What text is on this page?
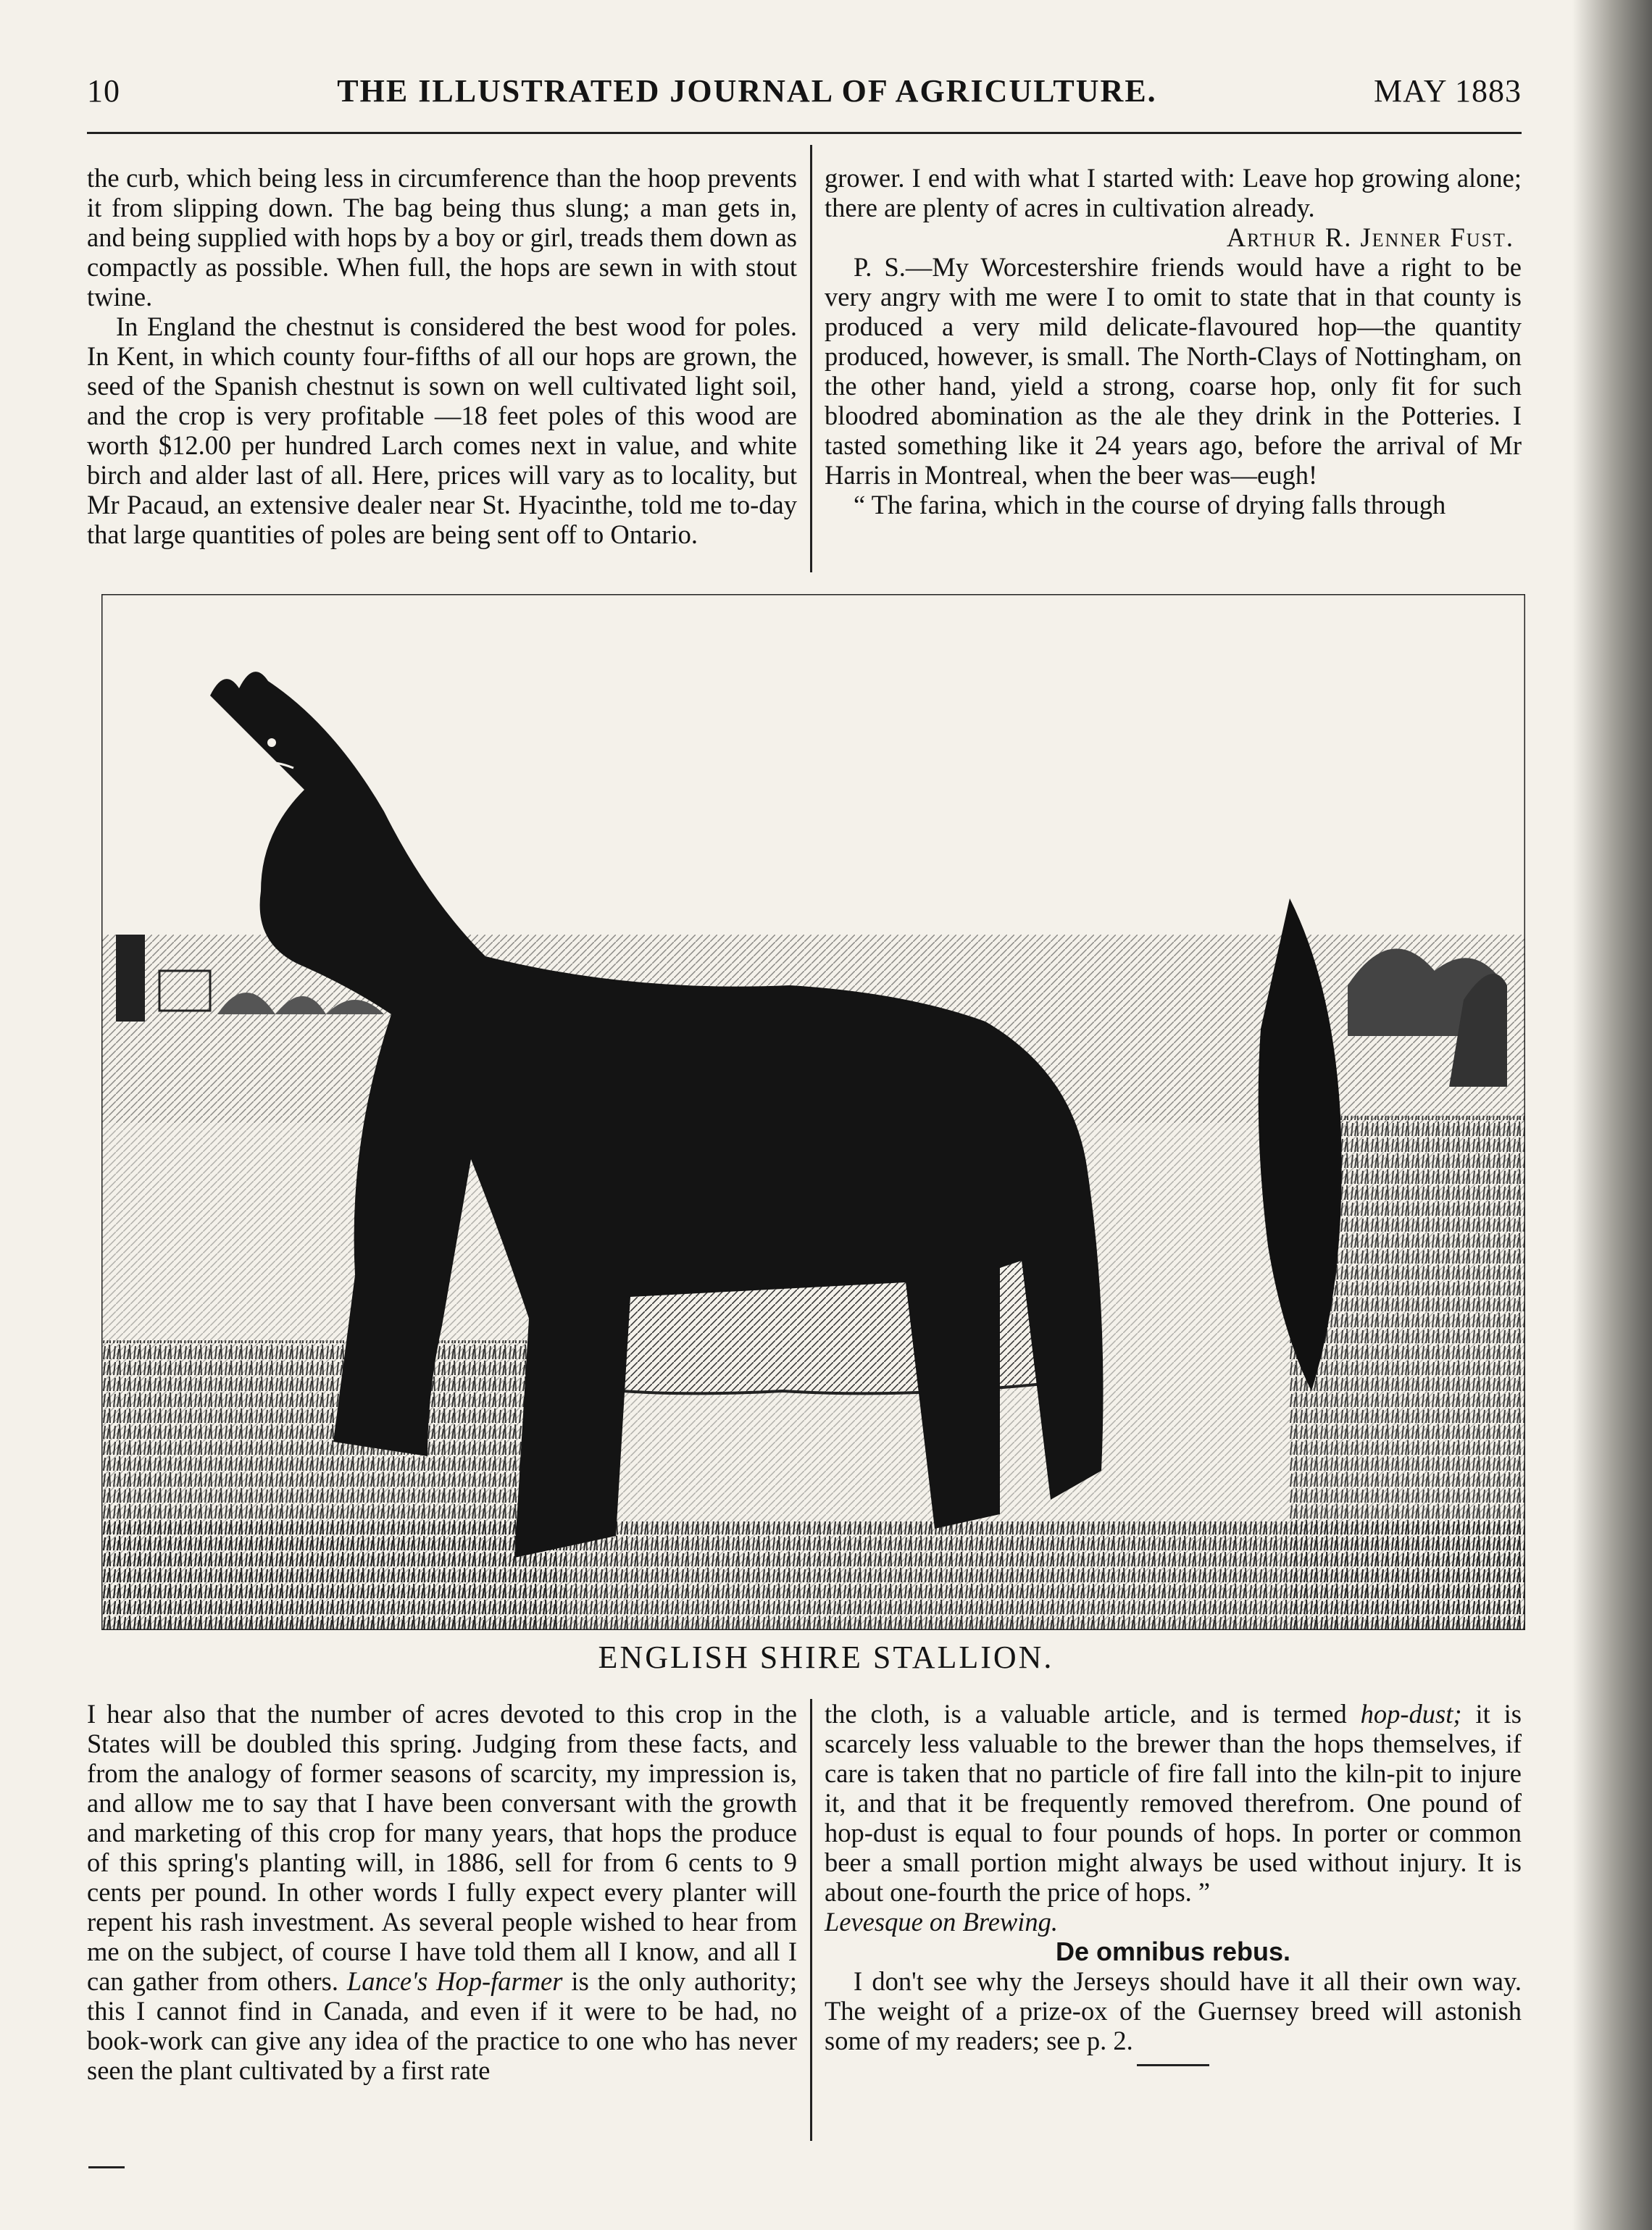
10	THE ILLUSTRATED JOURNAL OF AGRICULTURE.	MAY 1883

the curb, which being less in circumference than the hoop prevents it from slipping down. The bag being thus slung; a man gets in, and being supplied with hops by a boy or girl, treads them down as compactly as possible. When full, the hops are sewn in with stout twine.

In England the chestnut is considered the best wood for poles. In Kent, in which county four-fifths of all our hops are grown, the seed of the Spanish chestnut is sown on well cultivated light soil, and the crop is very profitable —18 feet poles of this wood are worth $12.00 per hundred Larch comes next in value, and white birch and alder last of all. Here, prices will vary as to locality, but Mr Pacaud, an extensive dealer near St. Hyacinthe, told me to-day that large quantities of poles are being sent off to Ontario.

grower. I end with what I started with: Leave hop growing alone; there are plenty of acres in cultivation already.

Arthur R. Jenner Fust.

P. S.—My Worcestershire friends would have a right to be very angry with me were I to omit to state that in that county is produced a very mild delicate-flavoured hop—the quantity produced, however, is small. The North-Clays of Nottingham, on the other hand, yield a strong, coarse hop, only fit for such bloodred abomination as the ale they drink in the Potteries. I tasted something like it 24 years ago, before the arrival of Mr Harris in Montreal, when the beer was—eugh!

“ The farina, which in the course of drying falls through

ENGLISH SHIRE STALLION.

I hear also that the number of acres devoted to this crop in the States will be doubled this spring. Judging from these facts, and from the analogy of former seasons of scarcity, my impression is, and allow me to say that I have been conversant with the growth and marketing of this crop for many years, that hops the produce of this spring's planting will, in 1886, sell for from 6 cents to 9 cents per pound. In other words I fully expect every planter will repent his rash investment. As several people wished to hear from me on the subject, of course I have told them all I know, and all I can gather from others. Lance's Hop-farmer is the only authority; this I cannot find in Canada, and even if it were to be had, no book-work can give any idea of the practice to one who has never seen the plant cultivated by a first rate

the cloth, is a valuable article, and is termed hop-dust; it is scarcely less valuable to the brewer than the hops themselves, if care is taken that no particle of fire fall into the kiln-pit to injure it, and that it be frequently removed therefrom. One pound of hop-dust is equal to four pounds of hops. In porter or common beer a small portion might always be used without injury. It is about one-fourth the price of hops. ”

Levesque on Brewing.

De omnibus rebus.

I don't see why the Jerseys should have it all their own way. The weight of a prize-ox of the Guernsey breed will astonish some of my readers; see p. 2.
